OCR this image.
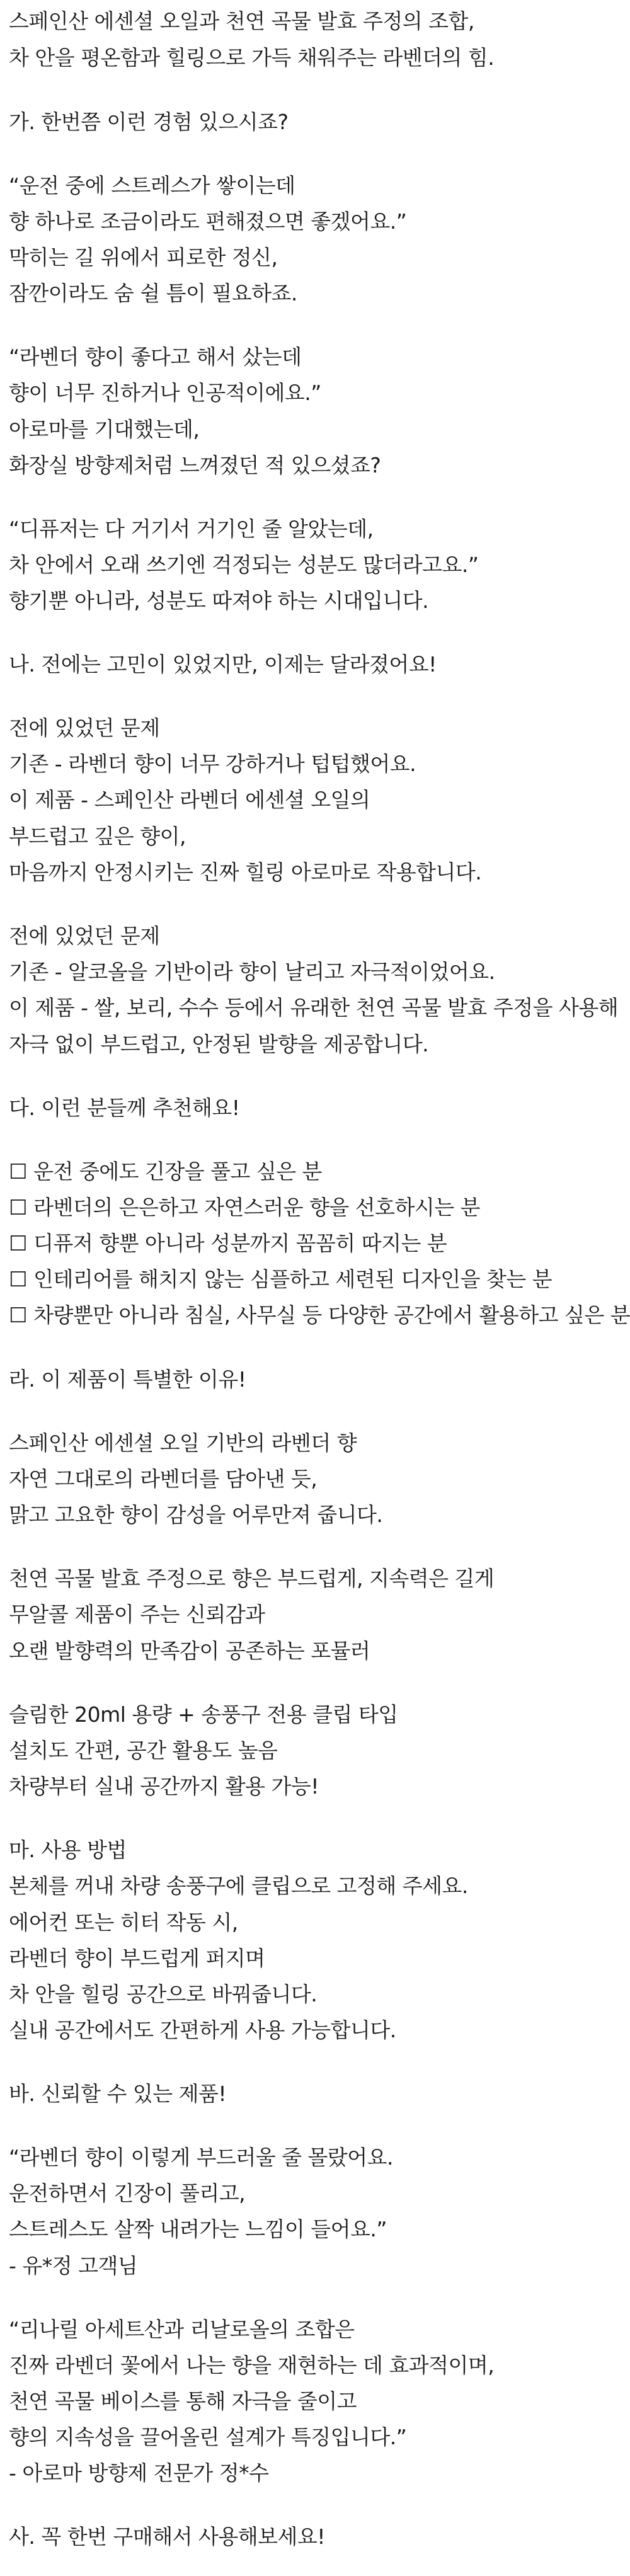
스페인산 에센셜 오일과 천연 곡물 발효 주정의 조합,

차 안을 평온함과 힐링으로 가득 채워주는 라벤더의 힘.

가. 한번쯤 이런 경험 있으시죠?

“운전 중에 스트레스가 쌓이는데

향 하나로 조금이라도 편해졌으면 좋겠어요.”

막히는 길 위에서 피로한 정신,

잠깐이라도 숨 쉴 틈이 필요하죠.

“라벤더 향이 좋다고 해서 샀는데

향이 너무 진하거나 인공적이에요.”

아로마를 기대했는데,

화장실 방향제처럼 느껴졌던 적 있으셨죠?

“디퓨저는 다 거기서 거기인 줄 알았는데,

차 안에서 오래 쓰기엔 걱정되는 성분도 많더라고요.”

향기뿐 아니라, 성분도 따져야 하는 시대입니다.

나. 전에는 고민이 있었지만, 이제는 달라졌어요!

전에 있었던 문제

기존 - 라벤더 향이 너무 강하거나 텁텁했어요.

이 제품 - 스페인산 라벤더 에센셜 오일의

부드럽고 깊은 향이,

마음까지 안정시키는 진짜 힐링 아로마로 작용합니다.

전에 있었던 문제

기존 - 알코올을 기반이라 향이 날리고 자극적이었어요.

이 제품 - 쌀, 보리, 수수 등에서 유래한 천연 곡물 발효 주정을 사용해

자극 없이 부드럽고, 안정된 발향을 제공합니다.

다. 이런 분들께 추천해요!

☐ 운전 중에도 긴장을 풀고 싶은 분

☐ 라벤더의 은은하고 자연스러운 향을 선호하시는 분

☐ 디퓨저 향뿐 아니라 성분까지 꼼꼼히 따지는 분

☐ 인테리어를 해치지 않는 심플하고 세련된 디자인을 찾는 분

☐ 차량뿐만 아니라 침실, 사무실 등 다양한 공간에서 활용하고 싶은 분

라. 이 제품이 특별한 이유!

스페인산 에센셜 오일 기반의 라벤더 향

자연 그대로의 라벤더를 담아낸 듯,

맑고 고요한 향이 감성을 어루만져 줍니다.

천연 곡물 발효 주정으로 향은 부드럽게, 지속력은 길게

무알콜 제품이 주는 신뢰감과

오랜 발향력의 만족감이 공존하는 포뮬러

슬림한 20ml 용량 + 송풍구 전용 클립 타입

설치도 간편, 공간 활용도 높음

차량부터 실내 공간까지 활용 가능!

마. 사용 방법

본체를 꺼내 차량 송풍구에 클립으로 고정해 주세요.

에어컨 또는 히터 작동 시,

라벤더 향이 부드럽게 퍼지며

차 안을 힐링 공간으로 바꿔줍니다.

실내 공간에서도 간편하게 사용 가능합니다.

바. 신뢰할 수 있는 제품!

“라벤더 향이 이렇게 부드러울 줄 몰랐어요.

운전하면서 긴장이 풀리고,

스트레스도 살짝 내려가는 느낌이 들어요.”

- 유*정 고객님

“리나릴 아세트산과 리날로올의 조합은

진짜 라벤더 꽃에서 나는 향을 재현하는 데 효과적이며,

천연 곡물 베이스를 통해 자극을 줄이고

향의 지속성을 끌어올린 설계가 특징입니다.”

- 아로마 방향제 전문가 정*수

사. 꼭 한번 구매해서 사용해보세요!
